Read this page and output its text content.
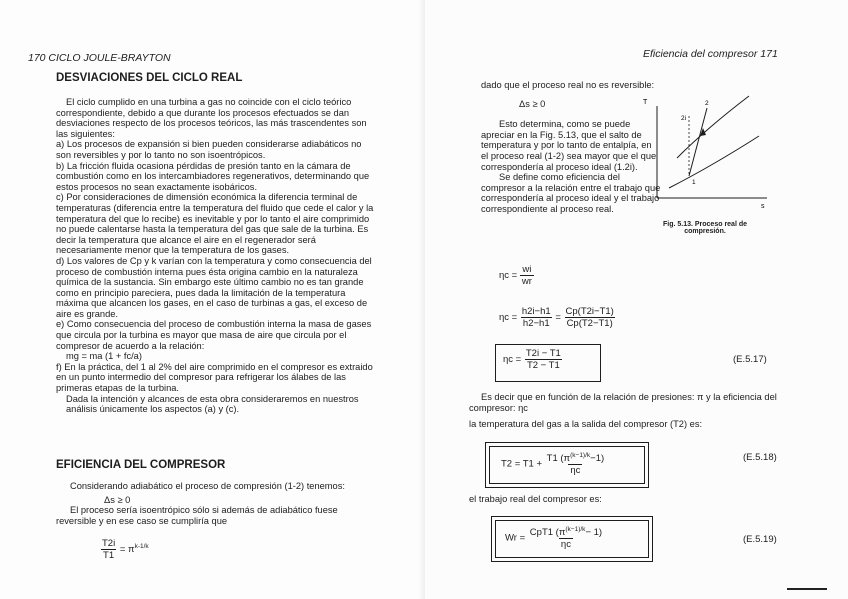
170 CICLO JOULE-BRAYTON
DESVIACIONES DEL CICLO REAL

El ciclo cumplido en una turbina a gas no coincide con el ciclo teórico correspondiente, debido a que durante los procesos efectuados se dan desviaciones respecto de los procesos teóricos, las más trascendentes son las siguientes:

a) Los procesos de expansión si bien pueden considerarse adiabáticos no son reversibles y por lo tanto no son isoentrópicos.

b) La fricción fluida ocasiona pérdidas de presión tanto en la cámara de combustión como en los intercambiadores regenerativos, determinando que estos procesos no sean exactamente isobáricos.

c) Por consideraciones de dimensión económica la diferencia terminal de temperaturas (diferencia entre la temperatura del fluido que cede el calor y la temperatura del que lo recibe) es inevitable y por lo tanto el aire comprimido no puede calentarse hasta la temperatura del gas que sale de la turbina. Es decir la temperatura que alcance el aire en el regenerador será necesariamente menor que la temperatura de los gases.

d) Los valores de Cp y k varían con la temperatura y como consecuencia del proceso de combustión interna pues ésta origina cambio en la naturaleza química de la sustancia. Sin embargo este último cambio no es tan grande como en principio pareciera, pues dada la limitación de la temperatura máxima que alcancen los gases, en el caso de turbinas a gas, el exceso de aire es grande.

e) Como consecuencia del proceso de combustión interna la masa de gases que circula por la turbina es mayor que masa de aire que circula por el compresor de acuerdo a la relación:

mg = ma (1 + fc/a)

f) En la práctica, del 1 al 2% del aire comprimido en el compresor es extraido en un punto intermedio del compresor para refrigerar los álabes de las primeras etapas de la turbina.

Dada la intención y alcances de esta obra consideraremos en nuestros análisis únicamente los aspectos (a) y (c).

EFICIENCIA DEL COMPRESOR

Considerando adiabático el proceso de compresión (1-2) tenemos:

Δs ≥ 0

El proceso sería isoentrópico sólo si además de adiabático fuese reversible y en ese caso se cumpliría que

$\frac{T2i}{T1} = \pi^{k-1/k}$
Eficiencia del compresor 171

dado que el proceso real no es reversible:

Δs ≥ 0

Esto determina, como se puede apreciar en la Fig. 5.13, que el salto de temperatura y por lo tanto de entalpía, en el proceso real (1-2) sea mayor que el que correspondería al proceso ideal (1.2i).

Se define como eficiencia del compresor a la relación entre el trabajo que correspondería al proceso ideal y el trabajo correspondiente al proceso real.

T
s
2
2i
1
Fig. 5.13. Proceso real de compresión.
$\eta c = \frac{wi}{wr}$
$\eta c = \frac{h2i-h1}{h2-h1} = \frac{Cp(T2i-T1)}{Cp(T2-T1)}$
$\eta c = \frac{T2i - T1}{T2 - T1}$	(E.5.17)

Es decir que en función de la relación de presiones: π y la eficiencia del compresor: ηc

la temperatura del gas a la salida del compresor (T2) es:

$T2 = T1 + \frac{T1 (\pi^{(k-1)/k}-1)}{\eta c}$	(E.5.18)

el trabajo real del compresor es:

$Wr = \frac{CpT1 (\pi^{(k-1)/k}- 1)}{\eta c}$	(E.5.19)
